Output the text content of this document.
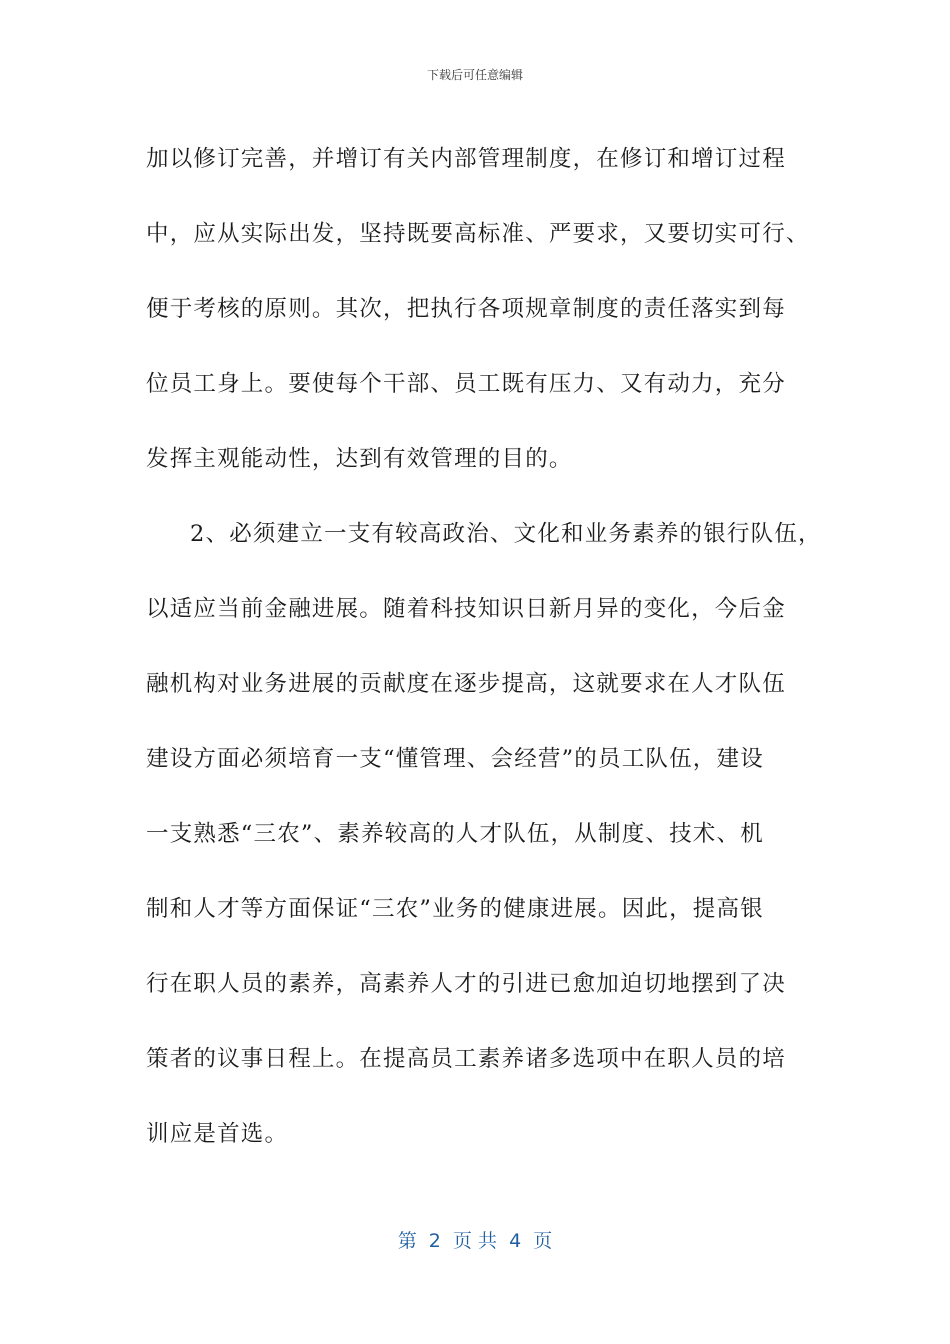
下载后可任意编辑
加以修订完善，并增订有关内部管理制度，在修订和增订过程
中，应从实际出发，坚持既要高标准、严要求，又要切实可行、
便于考核的原则。其次，把执行各项规章制度的责任落实到每
位员工身上。要使每个干部、员工既有压力、又有动力，充分
发挥主观能动性，达到有效管理的目的。
2、必须建立一支有较高政治、文化和业务素养的银行队伍，
以适应当前金融进展。随着科技知识日新月异的变化，今后金
融机构对业务进展的贡献度在逐步提高，这就要求在人才队伍
建设方面必须培育一支“懂管理、会经营”的员工队伍，建设
一支熟悉“三农”、素养较高的人才队伍，从制度、技术、机
制和人才等方面保证“三农”业务的健康进展。因此，提高银
行在职人员的素养，高素养人才的引进已愈加迫切地摆到了决
策者的议事日程上。在提高员工素养诸多选项中在职人员的培
训应是首选。
第  2  页 共  4  页
